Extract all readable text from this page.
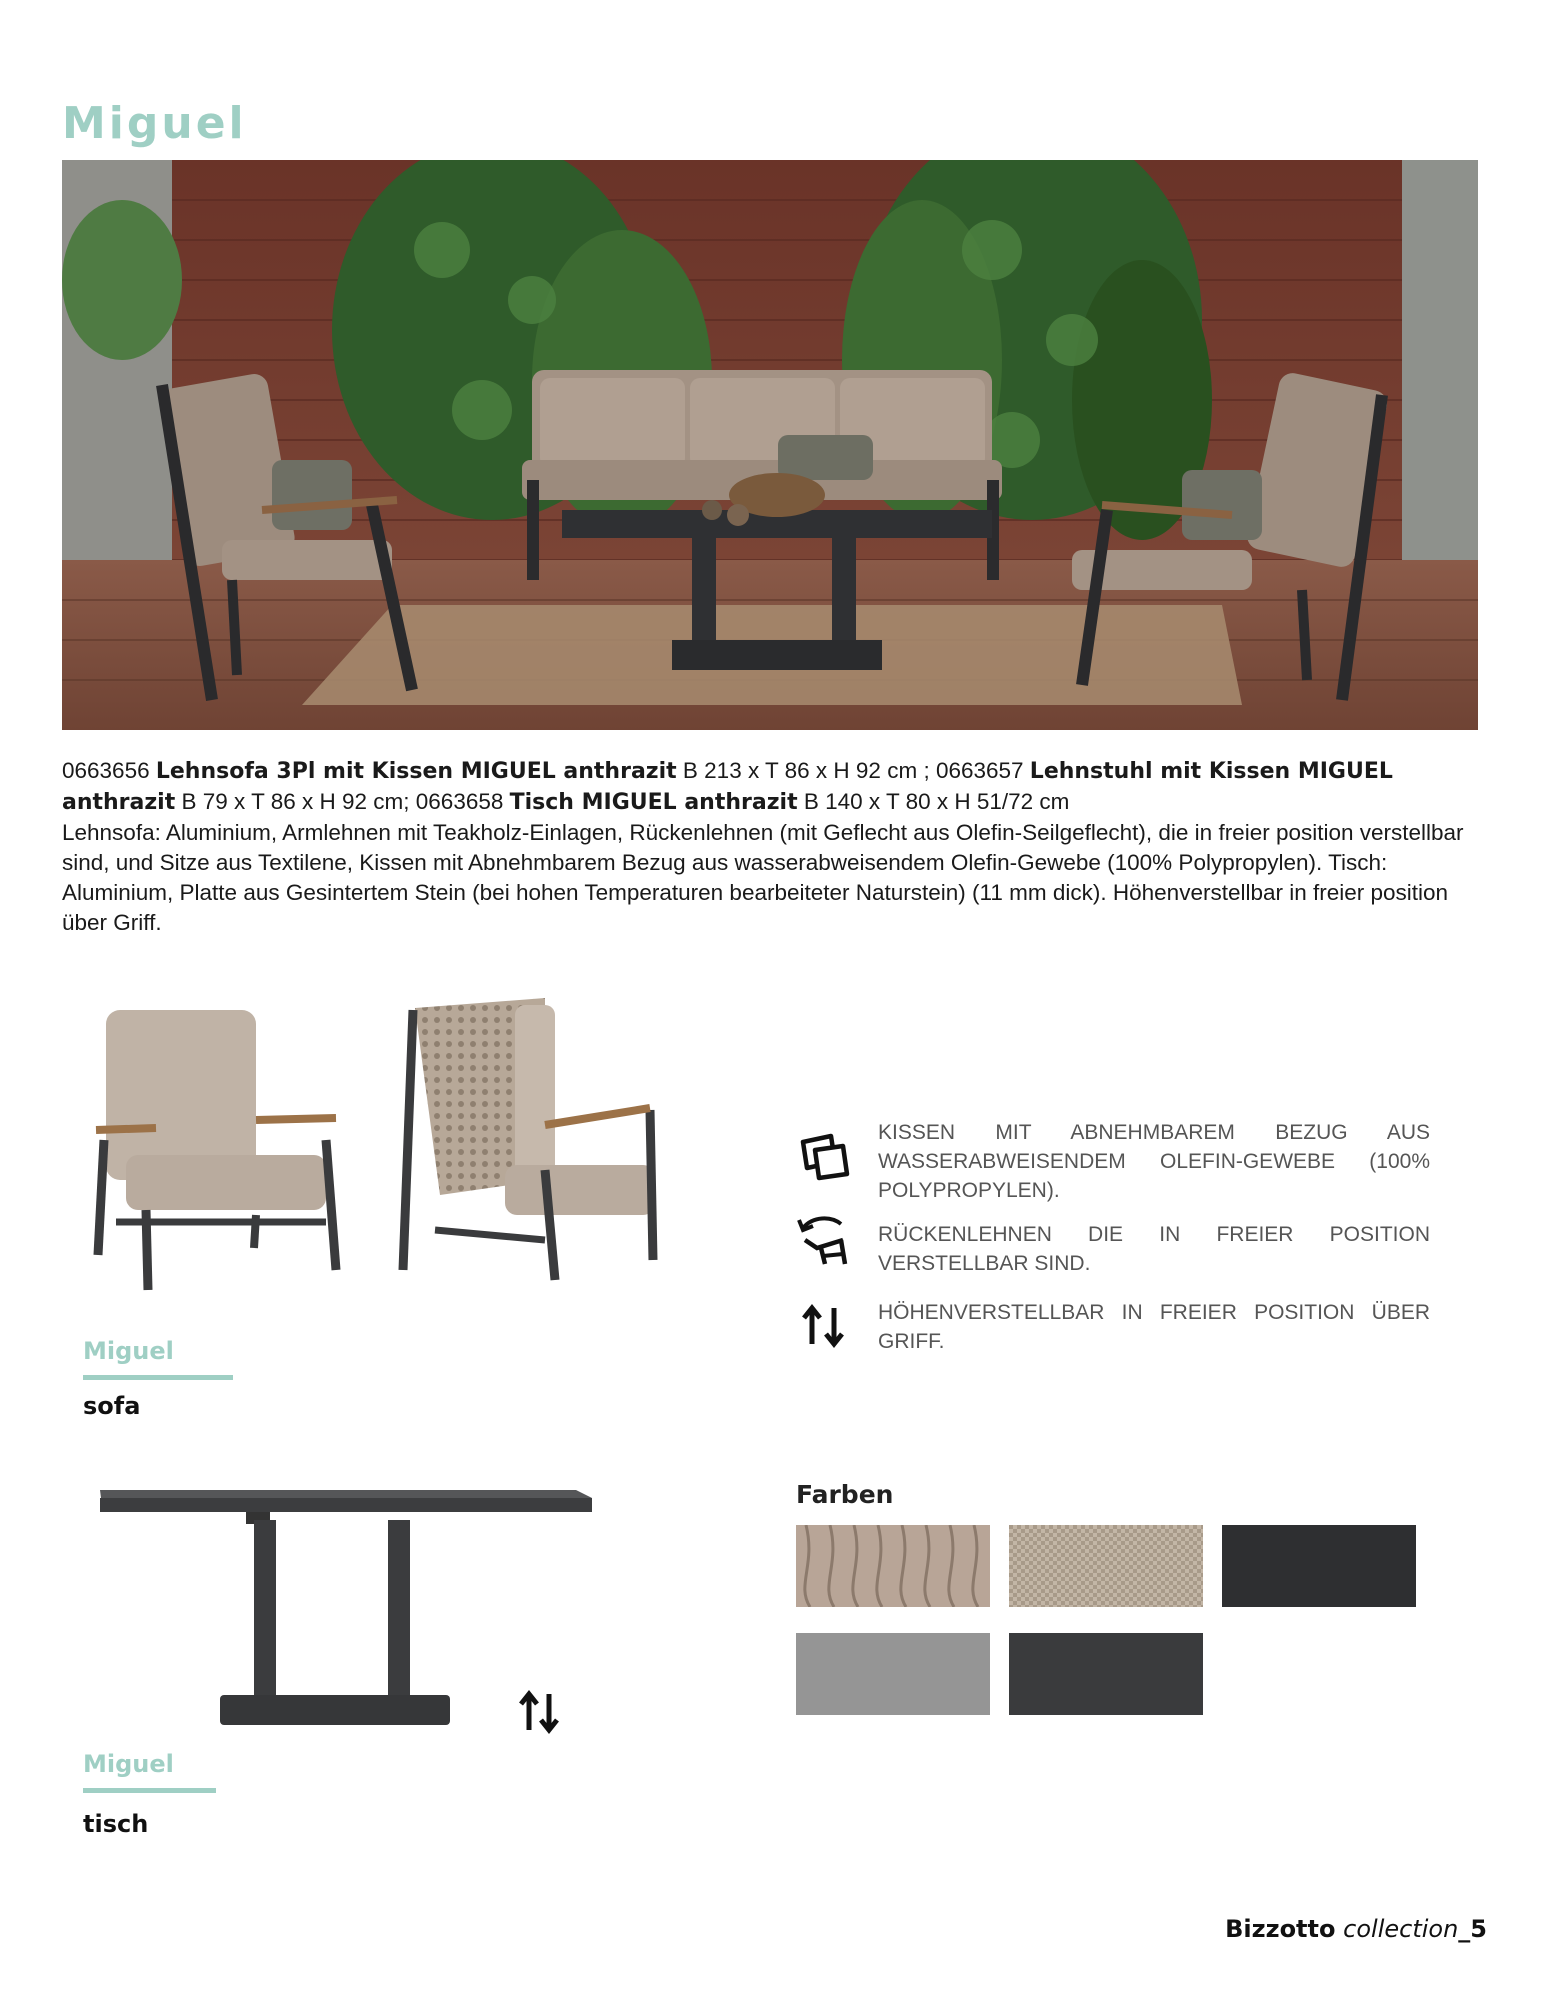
Miguel
0663656 Lehnsofa 3Pl mit Kissen MIGUEL anthrazit B 213 x T 86 x H 92 cm ; 0663657 Lehnstuhl mit Kissen MIGUEL anthrazit B 79 x T 86 x H 92 cm; 0663658 Tisch MIGUEL anthrazit B 140 x T 80 x H 51/72 cm
Lehnsofa: Aluminium, Armlehnen mit Teakholz-Einlagen, Rückenlehnen (mit Geflecht aus Olefin-Seilgeflecht), die in freier position verstellbar sind, und Sitze aus Textilene, Kissen mit Abnehmbarem Bezug aus wasserabweisendem Olefin-Gewebe (100% Polypropylen). Tisch: Aluminium, Platte aus Gesintertem Stein (bei hohen Temperaturen bearbeiteter Naturstein) (11 mm dick). Höhenverstellbar in freier position über Griff.
Miguel
sofa
Miguel
tisch
KISSEN MIT ABNEHMBAREM BEZUG AUS
WASSERABWEISENDEM OLEFIN-GEWEBE (100%
POLYPROPYLEN).
RÜCKENLEHNEN DIE IN FREIER POSITION
VERSTELLBAR SIND.
HÖHENVERSTELLBAR IN FREIER POSITION ÜBER
GRIFF.
Farben
Bizzotto collection_5
